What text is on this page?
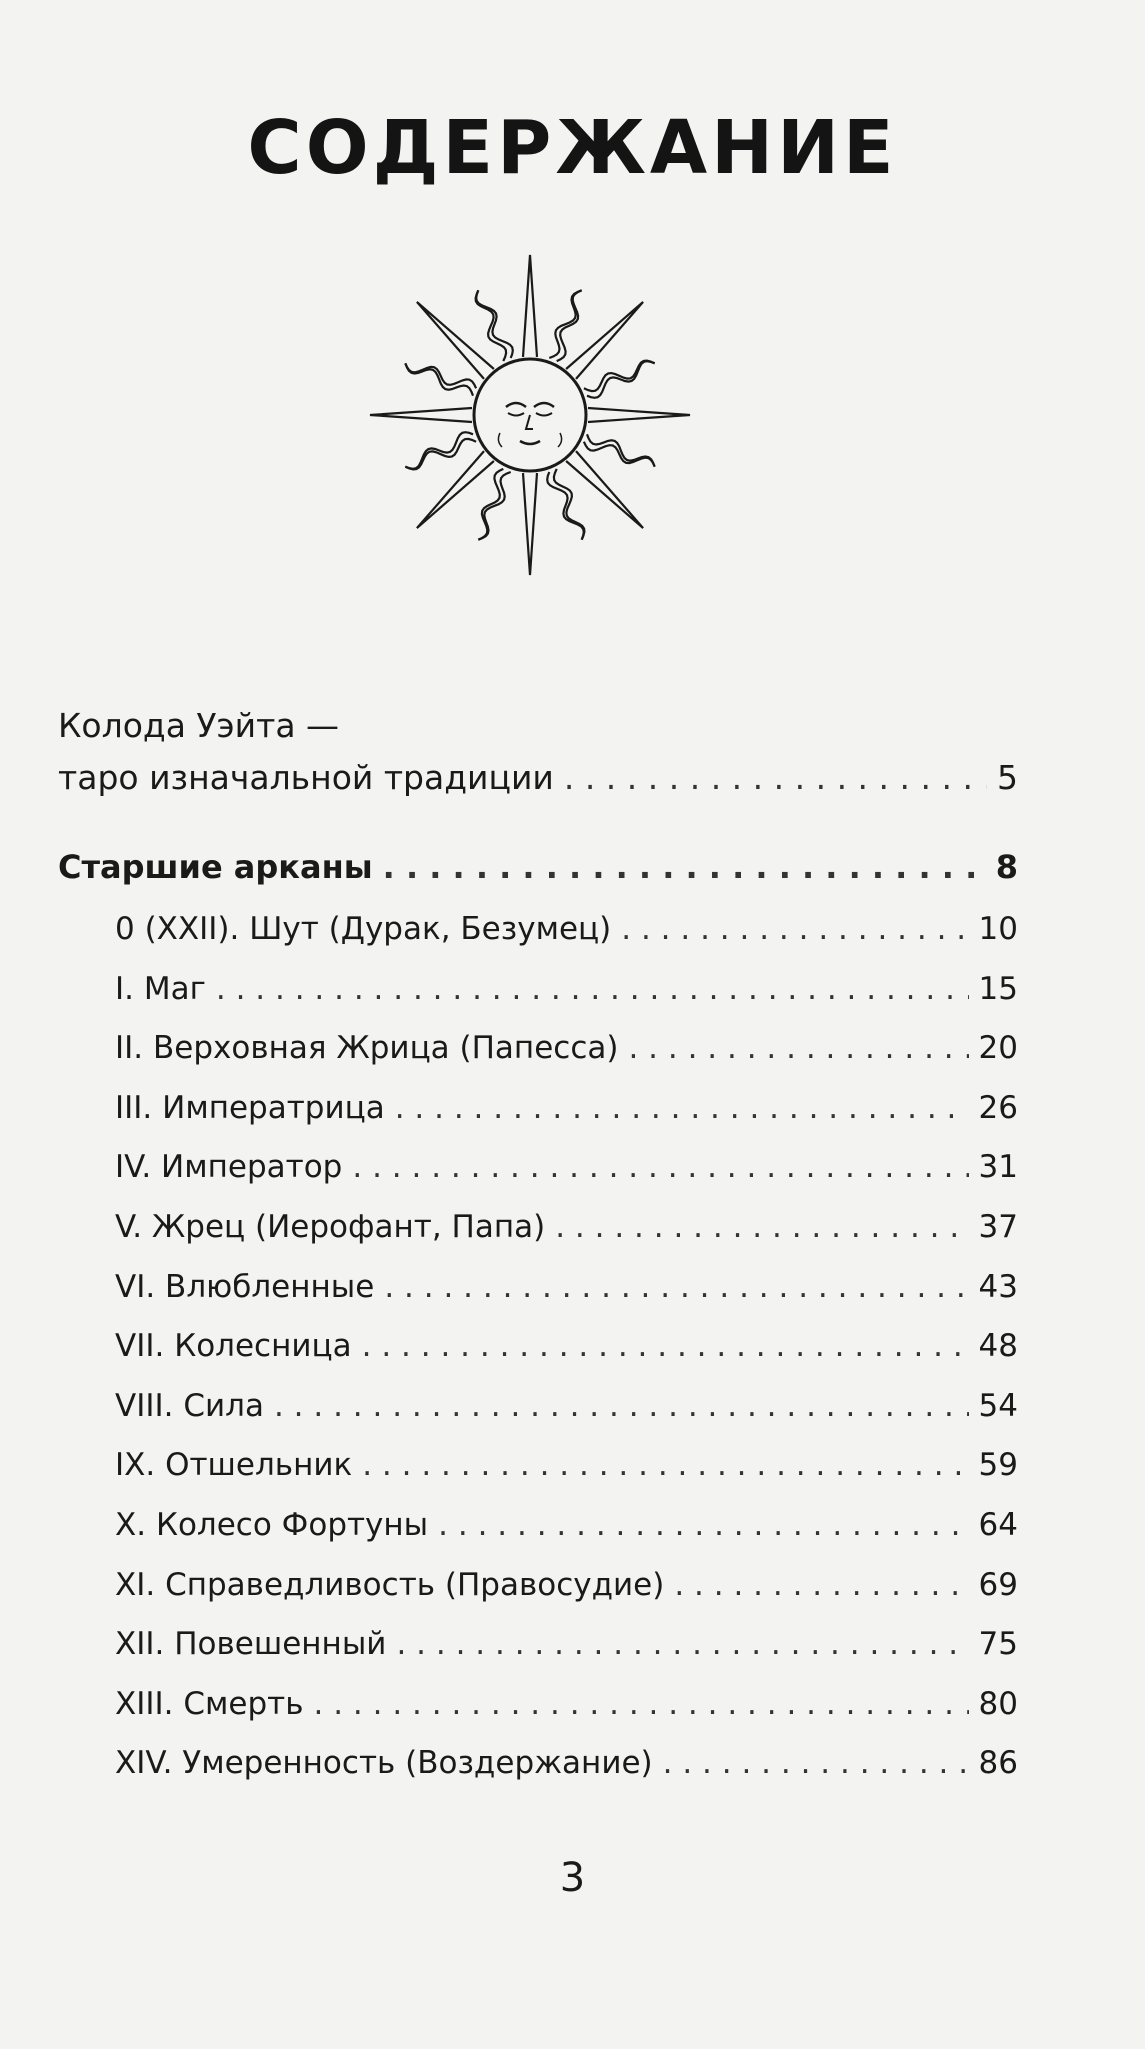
СОДЕРЖАНИЕ
Колода Уэйта —
таро изначальной традиции . . .	5
Старшие арканы . . .	8
0 (XXII). Шут (Дурак, Безумец) . . .	10
I. Маг . . .	15
II. Верховная Жрица (Папесса) . . .	20
III. Императрица . . .	26
IV. Император . . .	31
V. Жрец (Иерофант, Папа) . . .	37
VI. Влюбленные . . .	43
VII. Колесница . . .	48
VIII. Сила . . .	54
IX. Отшельник . . .	59
X. Колесо Фортуны . . .	64
XI. Справедливость (Правосудие) . . .	69
XII. Повешенный . . .	75
XIII. Смерть . . .	80
XIV. Умеренность (Воздержание) . . .	86
3
